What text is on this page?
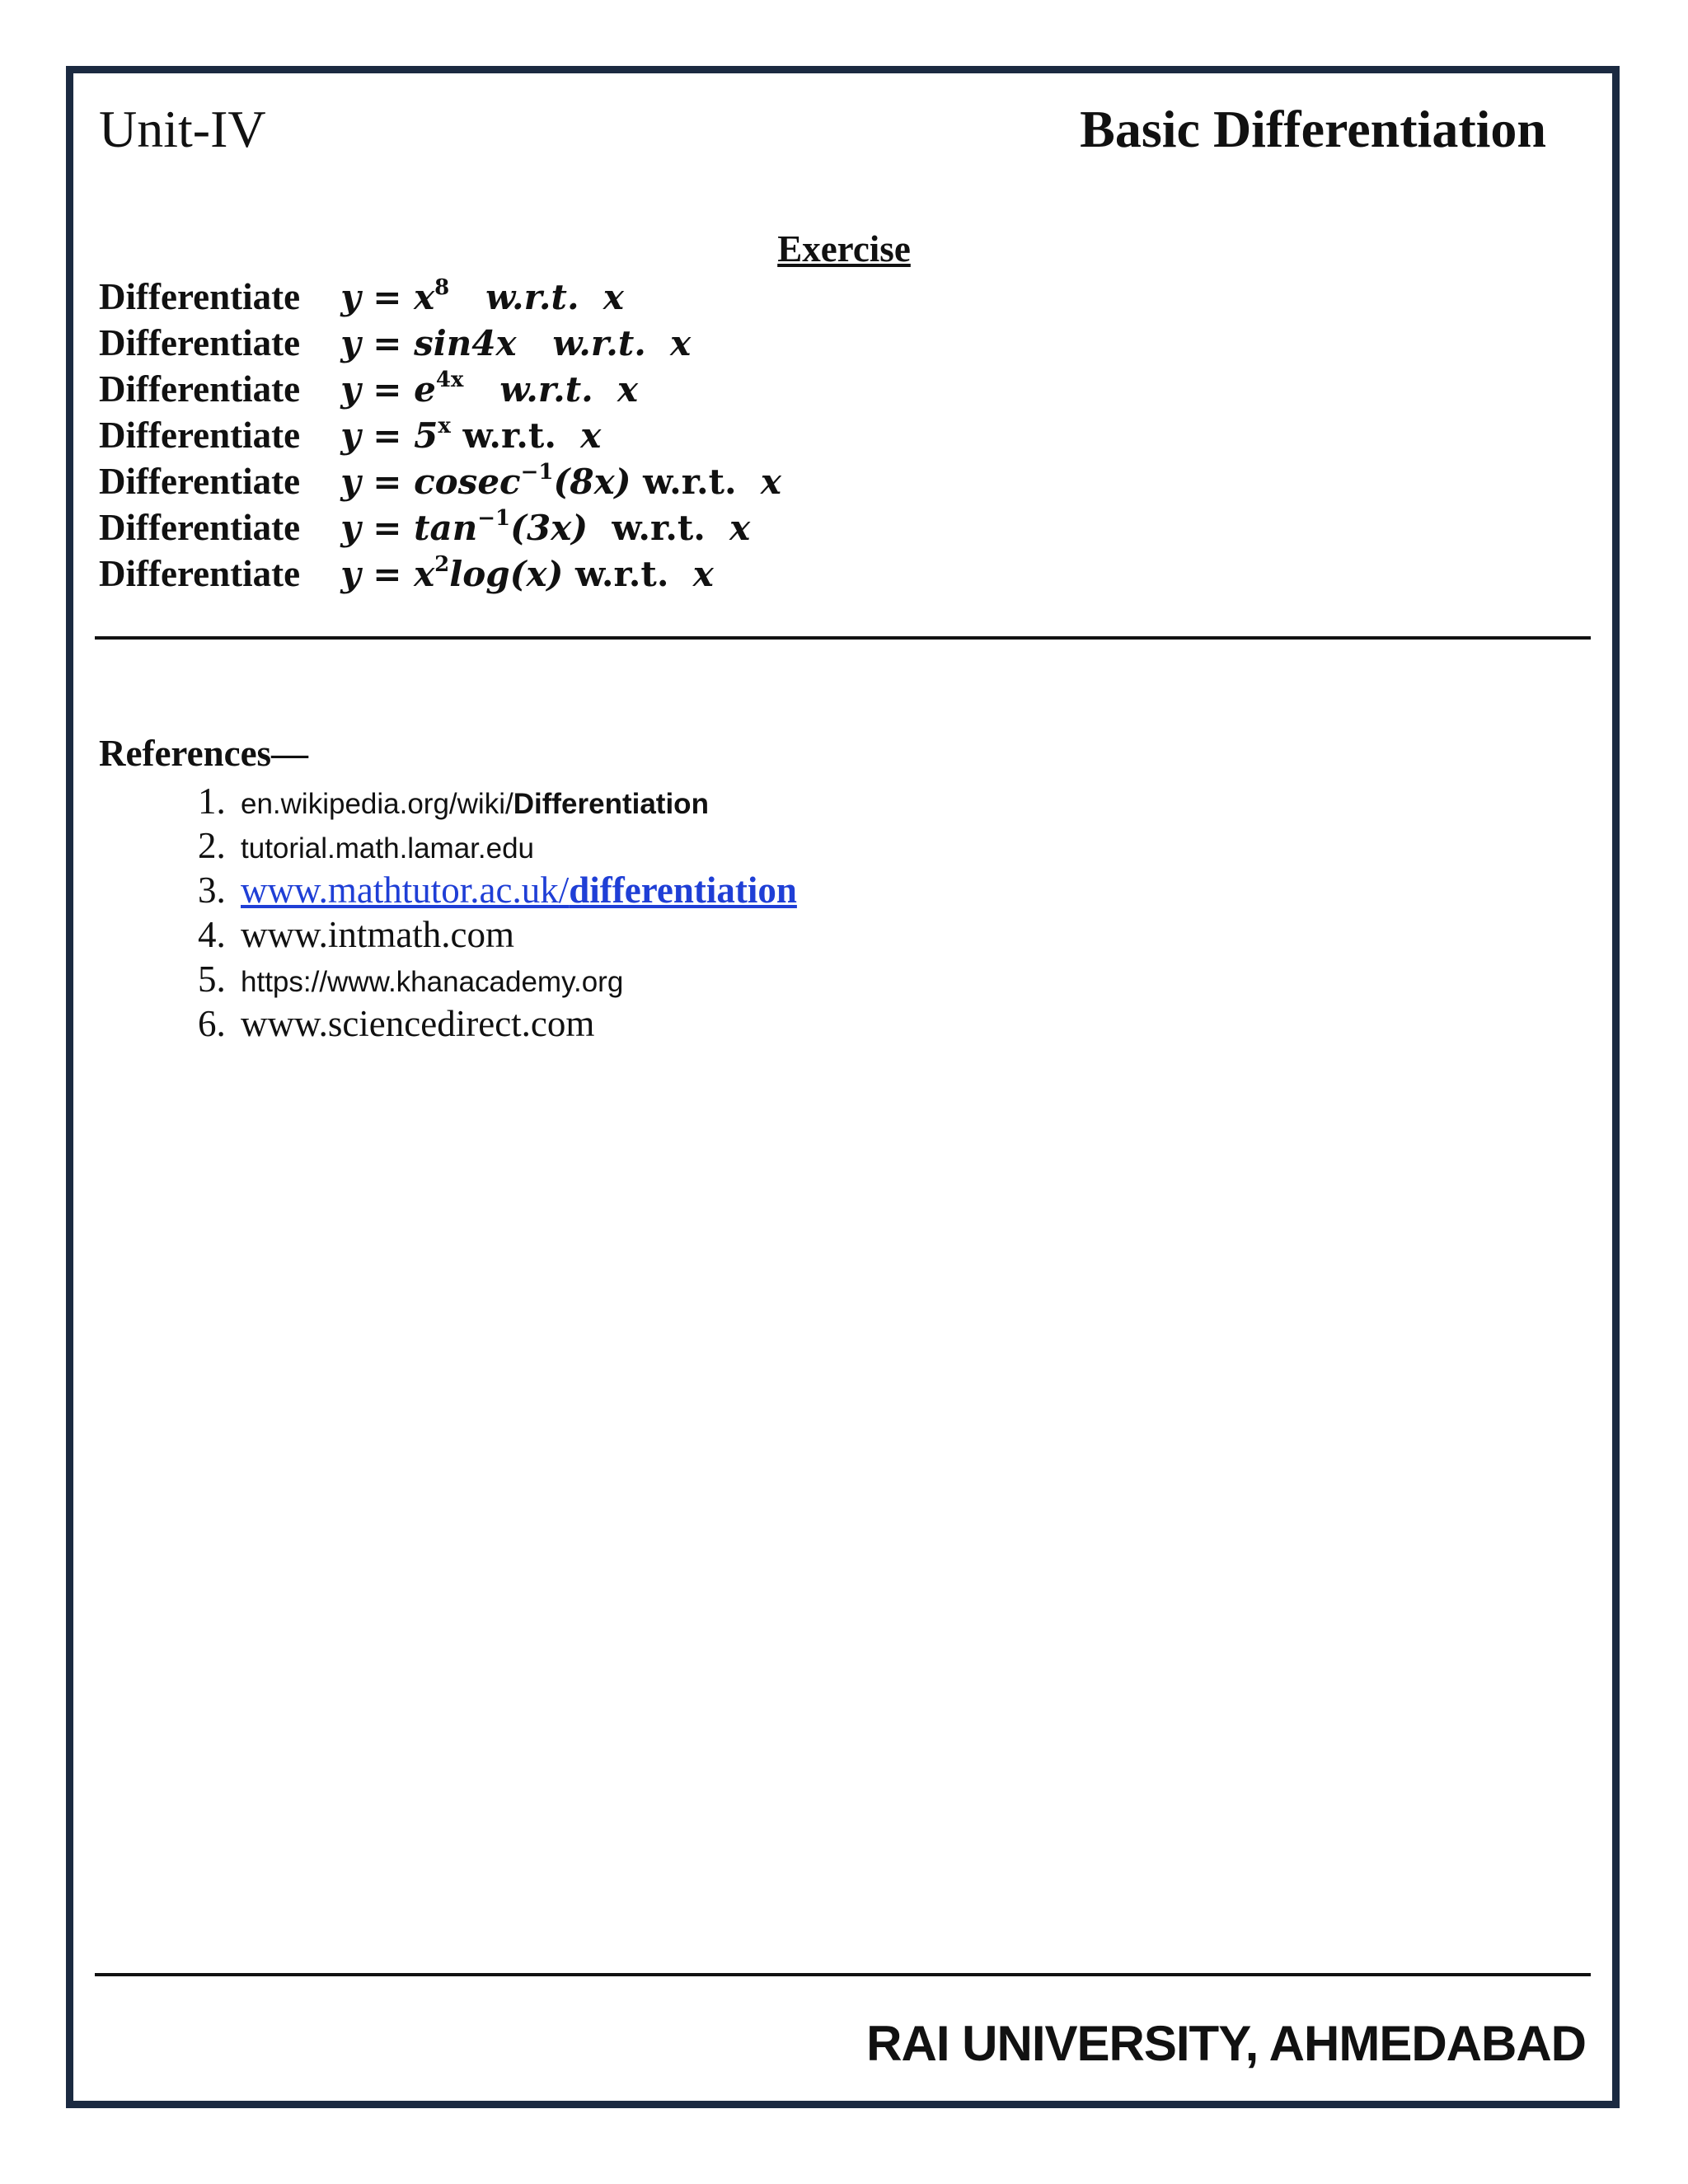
Unit-IV	Basic Differentiation
Exercise
Differentiate $y = x^8$ w.r.t. x
Differentiate y = sin4x w.r.t. x
Differentiate $y = e^{4x}$ w.r.t. x
Differentiate $y = 5^x$ w.r.t. x
Differentiate y = cosec$^{-1}$(8x) w.r.t. x
Differentiate $y = \tan^{-1}(3x)$ w.r.t. x
Differentiate $y = x^2\log(x)$ w.r.t. x
References—
1. en.wikipedia.org/wiki/Differentiation
2. tutorial.math.lamar.edu
3. www.mathtutor.ac.uk/differentiation
4. www.intmath.com
5. https://www.khanacademy.org
6. www.sciencedirect.com
RAI UNIVERSITY, AHMEDABAD
